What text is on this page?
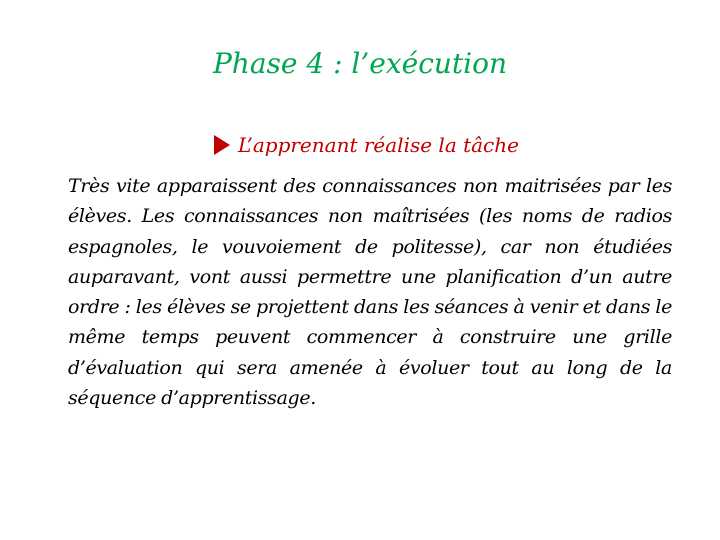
Phase 4 : l’exécution
L’apprenant réalise la tâche

Très vite apparaissent des connaissances non maitrisées par les élèves. Les connaissances non maîtrisées (les noms de radios espagnoles, le vouvoiement de politesse), car non étudiées auparavant, vont aussi permettre une planification d’un autre ordre : les élèves se projettent dans les séances à venir et dans le même temps peuvent commencer à construire une grille d’évaluation qui sera amenée à évoluer tout au long de la séquence d’apprentissage.
